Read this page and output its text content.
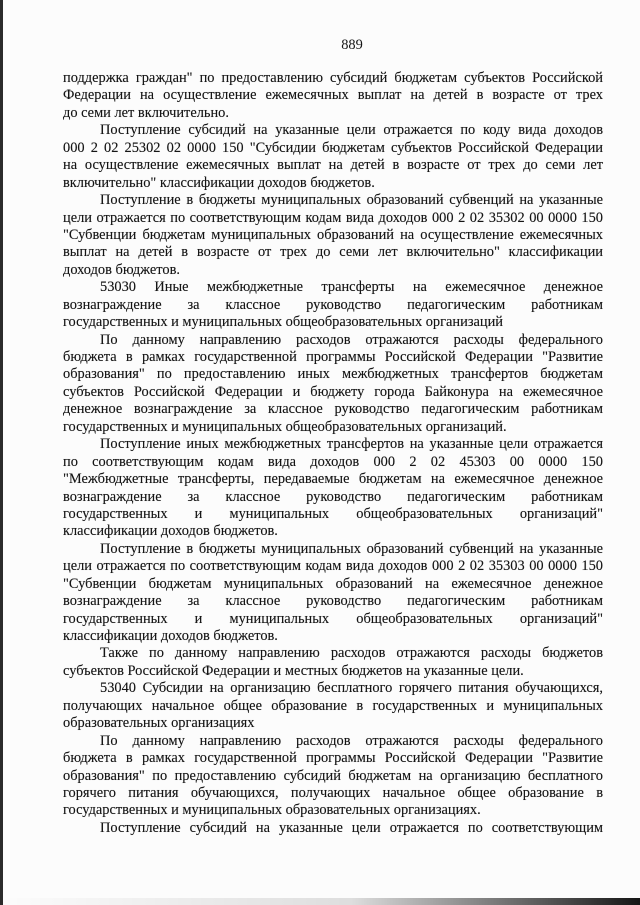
889
поддержка граждан" по предоставлению субсидий бюджетам субъектов Российской
Федерации на осуществление ежемесячных выплат на детей в возрасте от трех
до семи лет включительно.
Поступление субсидий на указанные цели отражается по коду вида доходов
000 2 02 25302 02 0000 150 "Субсидии бюджетам субъектов Российской Федерации
на осуществление ежемесячных выплат на детей в возрасте от трех до семи лет
включительно" классификации доходов бюджетов.
Поступление в бюджеты муниципальных образований субвенций на указанные
цели отражается по соответствующим кодам вида доходов 000 2 02 35302 00 0000 150
"Субвенции бюджетам муниципальных образований на осуществление ежемесячных
выплат на детей в возрасте от трех до семи лет включительно" классификации
доходов бюджетов.
53030 Иные межбюджетные трансферты на ежемесячное денежное
вознаграждение за классное руководство педагогическим работникам
государственных и муниципальных общеобразовательных организаций
По данному направлению расходов отражаются расходы федерального
бюджета в рамках государственной программы Российской Федерации "Развитие
образования" по предоставлению иных межбюджетных трансфертов бюджетам
субъектов Российской Федерации и бюджету города Байконура на ежемесячное
денежное вознаграждение за классное руководство педагогическим работникам
государственных и муниципальных общеобразовательных организаций.
Поступление иных межбюджетных трансфертов на указанные цели отражается
по соответствующим кодам вида доходов 000 2 02 45303 00 0000 150
"Межбюджетные трансферты, передаваемые бюджетам на ежемесячное денежное
вознаграждение за классное руководство педагогическим работникам
государственных и муниципальных общеобразовательных организаций"
классификации доходов бюджетов.
Поступление в бюджеты муниципальных образований субвенций на указанные
цели отражается по соответствующим кодам вида доходов 000 2 02 35303 00 0000 150
"Субвенции бюджетам муниципальных образований на ежемесячное денежное
вознаграждение за классное руководство педагогическим работникам
государственных и муниципальных общеобразовательных организаций"
классификации доходов бюджетов.
Также по данному направлению расходов отражаются расходы бюджетов
субъектов Российской Федерации и местных бюджетов на указанные цели.
53040 Субсидии на организацию бесплатного горячего питания обучающихся,
получающих начальное общее образование в государственных и муниципальных
образовательных организациях
По данному направлению расходов отражаются расходы федерального
бюджета в рамках государственной программы Российской Федерации "Развитие
образования" по предоставлению субсидий бюджетам на организацию бесплатного
горячего питания обучающихся, получающих начальное общее образование в
государственных и муниципальных образовательных организациях.
Поступление субсидий на указанные цели отражается по соответствующим
